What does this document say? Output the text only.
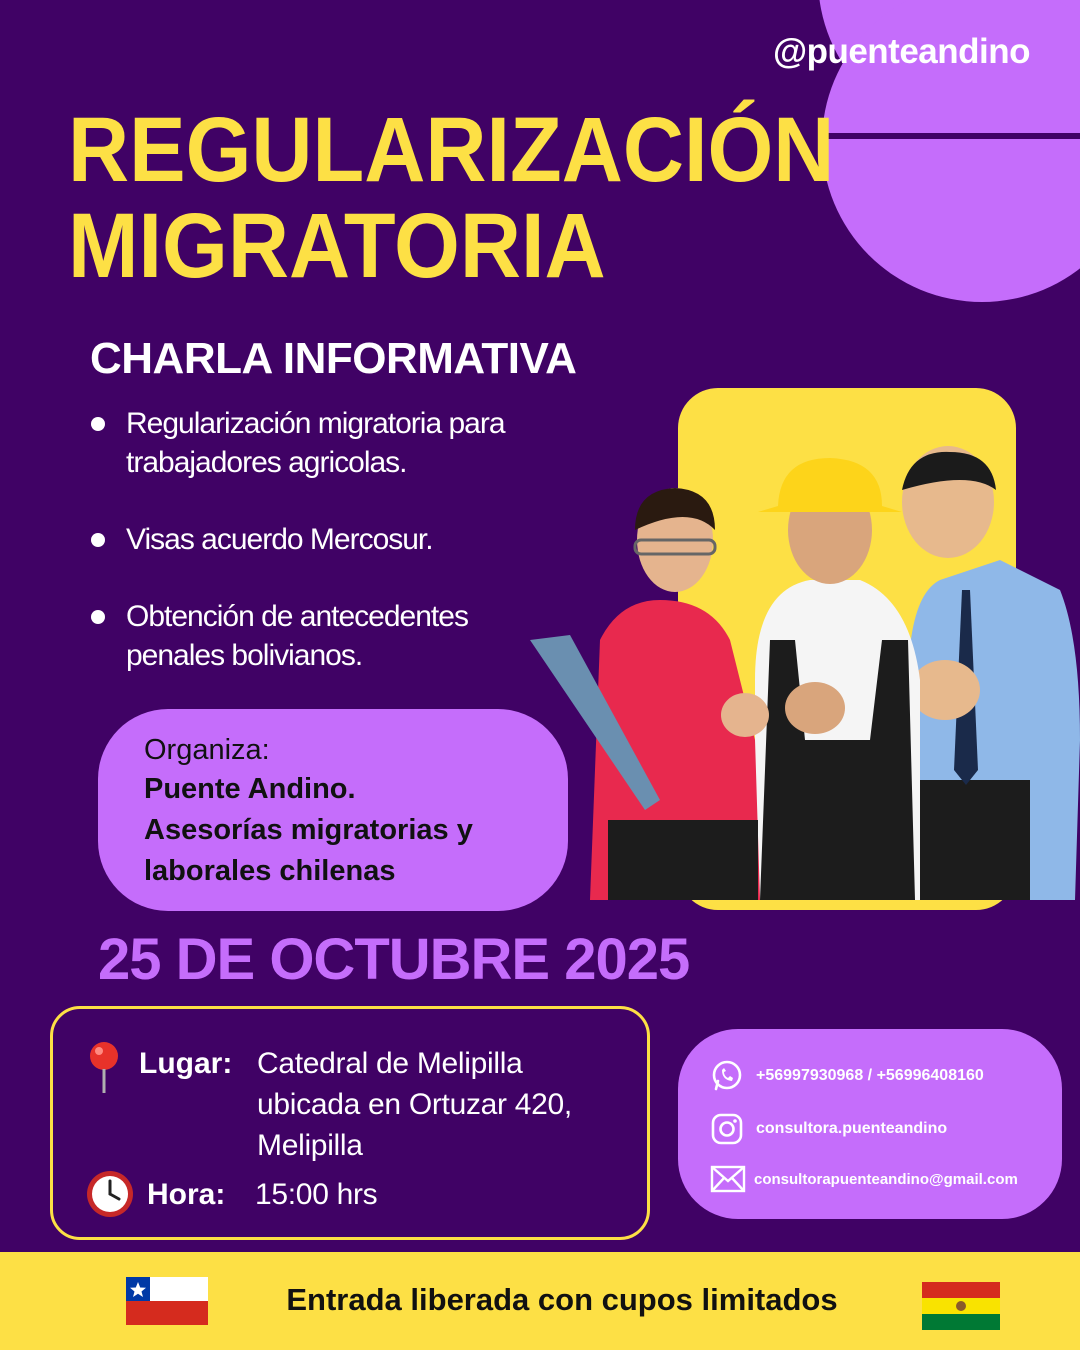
@puenteandino
REGULARIZACIÓN
MIGRATORIA
CHARLA INFORMATIVA
Regularización migratoria para
trabajadores agricolas.
Visas acuerdo Mercosur.
Obtención de antecedentes
penales bolivianos.
Organiza:
Puente Andino.
Asesorías migratorias y
laborales chilenas
25 DE OCTUBRE 2025
Lugar: Catedral de Melipilla
ubicada en Ortuzar 420,
Melipilla
Hora: 15:00 hrs
+56997930968 / +56996408160
consultora.puenteandino
consultorapuenteandino@gmail.com
Entrada liberada con cupos limitados
